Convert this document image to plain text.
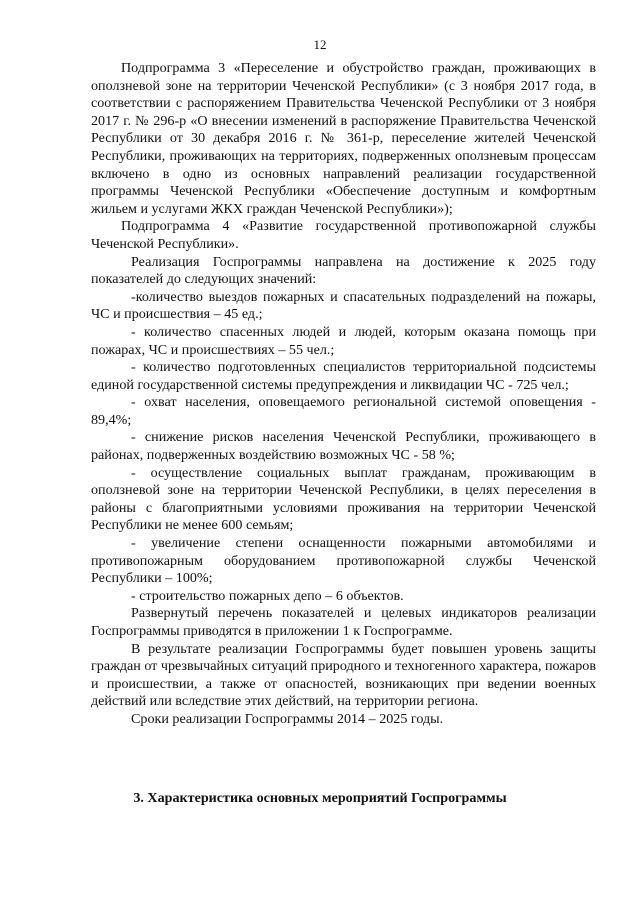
12

Подпрограмма 3 «Переселение и обустройство граждан, проживающих в оползневой зоне на территории Чеченской Республики» (с 3 ноября 2017 года, в соответствии с распоряжением Правительства Чеченской Республики от 3 ноября 2017 г. № 296-р «О внесении изменений в распоряжение Правительства Чеченской Республики от 30 декабря 2016 г. № 361-р, переселение жителей Чеченской Республики, проживающих на территориях, подверженных оползневым процессам включено в одно из основных направлений реализации государственной программы Чеченской Республики «Обеспечение доступным и комфортным жильем и услугами ЖКХ граждан Чеченской Республики»);

Подпрограмма 4 «Развитие государственной противопожарной службы Чеченской Республики».

Реализация Госпрограммы направлена на достижение к 2025 году показателей до следующих значений:

-количество выездов пожарных и спасательных подразделений на пожары, ЧС и происшествия – 45 ед.;

- количество спасенных людей и людей, которым оказана помощь при пожарах, ЧС и происшествиях – 55 чел.;

- количество подготовленных специалистов территориальной подсистемы единой государственной системы предупреждения и ликвидации ЧС - 725 чел.;

- охват населения, оповещаемого региональной системой оповещения - 89,4%;

- снижение рисков населения Чеченской Республики, проживающего в районах, подверженных воздействию возможных ЧС - 58 %;

- осуществление социальных выплат гражданам, проживающим в оползневой зоне на территории Чеченской Республики, в целях переселения в районы с благоприятными условиями проживания на территории Чеченской Республики не менее 600 семьям;

- увеличение степени оснащенности пожарными автомобилями и противопожарным оборудованием противопожарной службы Чеченской Республики – 100%;

- строительство пожарных депо – 6 объектов.

Развернутый перечень показателей и целевых индикаторов реализации Госпрограммы приводятся в приложении 1 к Госпрограмме.

В результате реализации Госпрограммы будет повышен уровень защиты граждан от чрезвычайных ситуаций природного и техногенного характера, пожаров и происшествии, а также от опасностей, возникающих при ведении военных действий или вследствие этих действий, на территории региона.

Сроки реализации Госпрограммы 2014 – 2025 годы.

3. Характеристика основных мероприятий Госпрограммы
